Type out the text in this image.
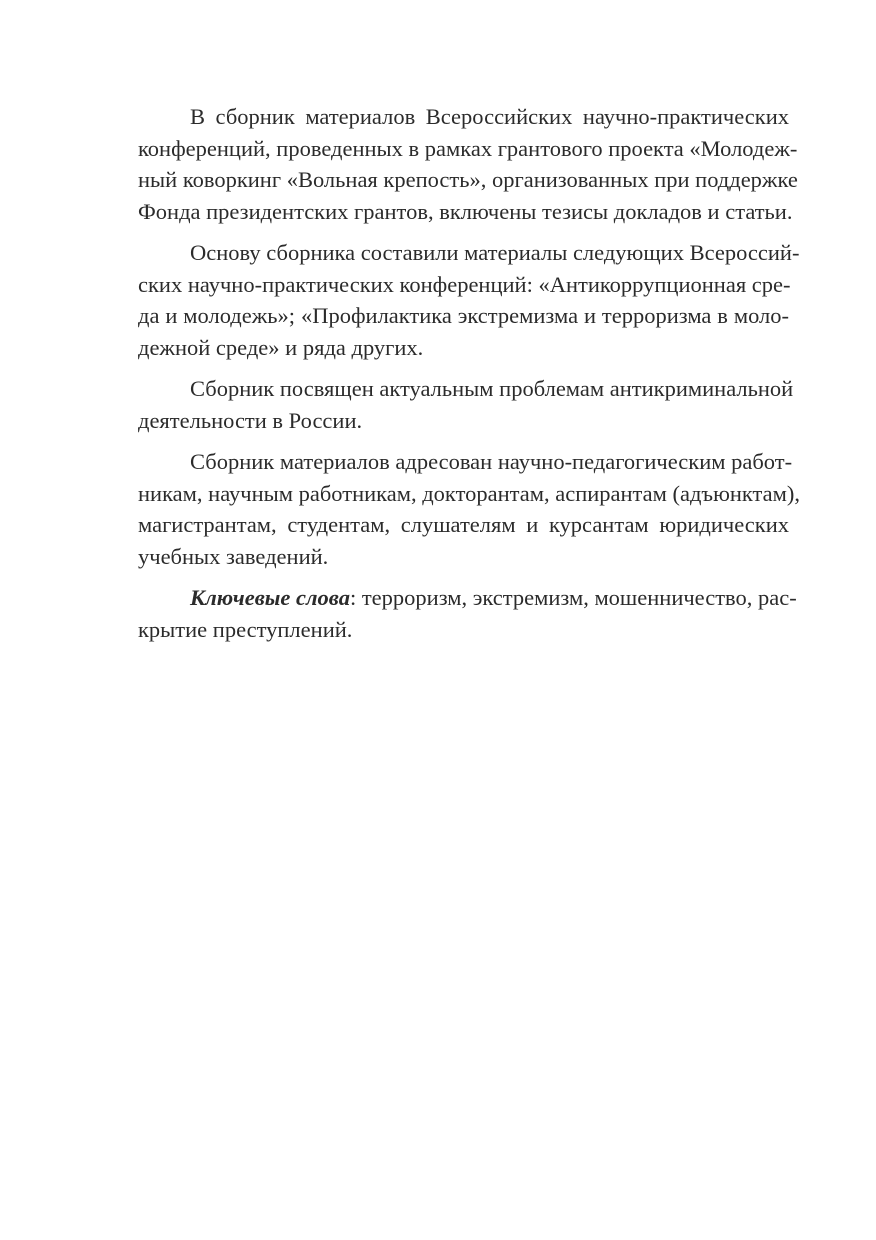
В сборник материалов Всероссийских научно-практических
конференций, проведенных в рамках грантового проекта «Молодеж-
ный коворкинг «Вольная крепость», организованных при поддержке
Фонда президентских грантов, включены тезисы докладов и статьи.
Основу сборника составили материалы следующих Всероссий-
ских научно-практических конференций: «Антикоррупционная сре-
да и молодежь»; «Профилактика экстремизма и терроризма в моло-
дежной среде» и ряда других.
Сборник посвящен актуальным проблемам антикриминальной
деятельности в России.
Сборник материалов адресован научно-педагогическим работ-
никам, научным работникам, докторантам, аспирантам (адъюнктам),
магистрантам, студентам, слушателям и курсантам юридических
учебных заведений.
Ключевые слова: терроризм, экстремизм, мошенничество, рас-
крытие преступлений.
